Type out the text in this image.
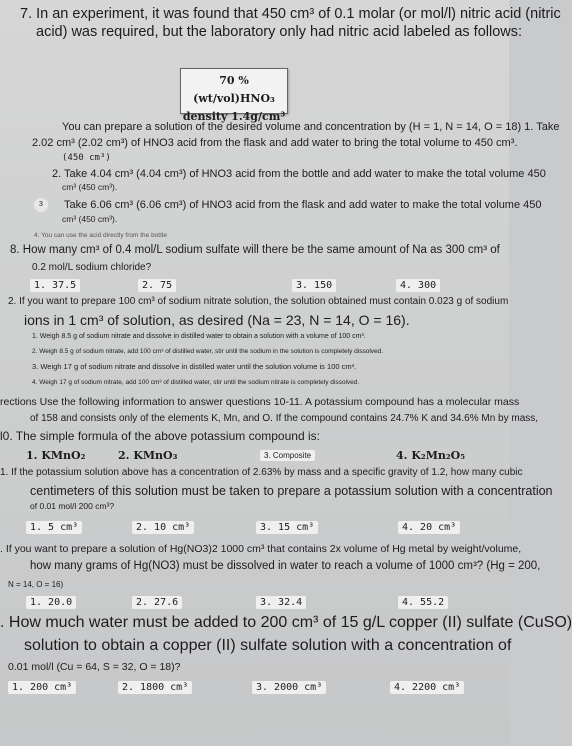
7. In an experiment, it was found that 450 cm³ of 0.1 molar (or mol/l) nitric acid (nitric
acid) was required, but the laboratory only had nitric acid labeled as follows:
70 %(wt/vol)HNO₃
density 1.4g/cm³
You can prepare a solution of the desired volume and concentration by (H = 1, N = 14, O = 18) 1. Take
2.02 cm³ (2.02 cm³) of HNO3 acid from the flask and add water to bring the total volume to 450 cm³.
(450 cm³)
2. Take 4.04 cm³ (4.04 cm³) of HNO3 acid from the bottle and add water to make the total volume 450
cm³ (450 cm³).
3	Take 6.06 cm³ (6.06 cm³) of HNO3 acid from the flask and add water to make the total volume 450
cm³ (450 cm³).
4. You can use the acid directly from the bottle
8. How many cm³ of 0.4 mol/L sodium sulfate will there be the same amount of Na as 300 cm³ of
0.2 mol/L sodium chloride?
1. 37.5	2. 75	3. 150	4. 300
2. If you want to prepare 100 cm³ of sodium nitrate solution, the solution obtained must contain 0.023 g of sodium
ions in 1 cm³ of solution, as desired (Na = 23, N = 14, O = 16).
1. Weigh 8.5 g of sodium nitrate and dissolve in distilled water to obtain a solution with a volume of 100 cm³.
2. Weigh 8.5 g of sodium nitrate, add 100 cm³ of distilled water, stir until the sodium in the solution is completely dissolved.
3. Weigh 17 g of sodium nitrate and dissolve in distilled water until the solution volume is 100 cm³.
4. Weigh 17 g of sodium nitrate, add 100 cm³ of distilled water, stir until the sodium nitrate is completely dissolved.
rections Use the following information to answer questions 10-11. A potassium compound has a molecular mass
of 158 and consists only of the elements K, Mn, and O. If the compound contains 24.7% K and 34.6% Mn by mass,
l0. The simple formula of the above potassium compound is:
1. KMnO₂	2. KMnO₃	3. Composite	4. K₂Mn₂O₅
1. If the potassium solution above has a concentration of 2.63% by mass and a specific gravity of 1.2, how many cubic
centimeters of this solution must be taken to prepare a potassium solution with a concentration
of 0.01 mol/l 200 cm³?
1. 5 cm³	2. 10 cm³	3. 15 cm³	4. 20 cm³
. If you want to prepare a solution of Hg(NO3)2 1000 cm³ that contains 2x volume of Hg metal by weight/volume,
how many grams of Hg(NO3) must be dissolved in water to reach a volume of 1000 cm³? (Hg = 200,
N = 14, O = 16)
1. 20.0	2. 27.6	3. 32.4	4. 55.2
. How much water must be added to 200 cm³ of 15 g/L copper (II) sulfate (CuSO)
solution to obtain a copper (II) sulfate solution with a concentration of
0.01 mol/l (Cu = 64, S = 32, O = 18)?
1. 200 cm³	2. 1800 cm³	3. 2000 cm³	4. 2200 cm³
